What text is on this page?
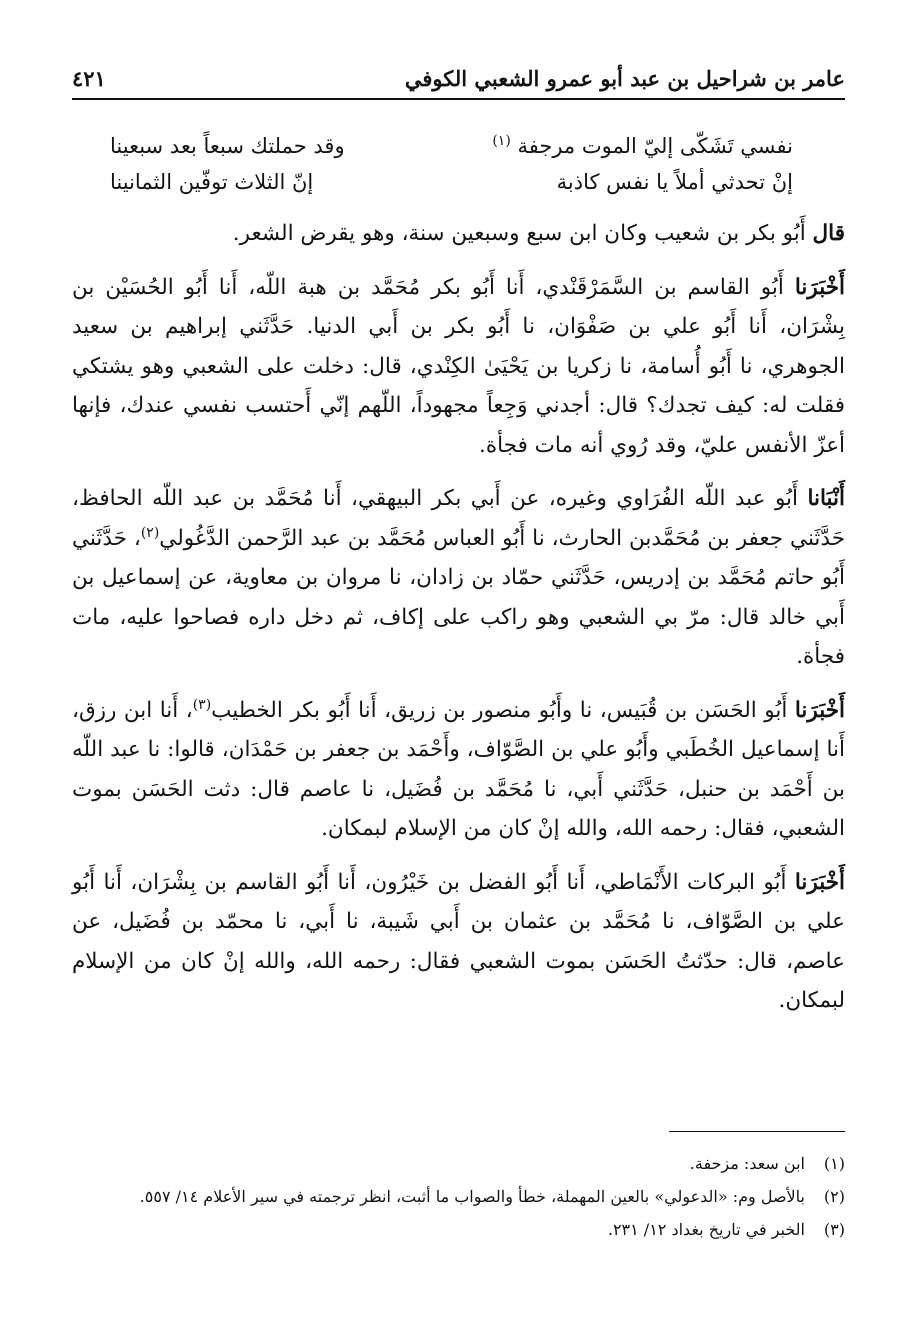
عامر بن شراحيل بن عبد أبو عمرو الشعبي الكوفي
٤٢١
نفسي تَشَكّى إليّ الموت مرجفة $^{(١)}$
وقد حملتك سبعاً بعد سبعينا
إنْ تحدثي أملاً يا نفس كاذبة
إنّ الثلاث توفّين الثمانينا

قال أَبُو بكر بن شعيب وكان ابن سبع وسبعين سنة، وهو يقرض الشعر.

أَخْبَرَنا أَبُو القاسم بن السَّمَرْقَنْدي، أَنا أَبُو بكر مُحَمَّد بن هبة اللّه، أَنا أَبُو الحُسَيْن بن بِشْرَان، أَنا أَبُو علي بن صَفْوَان، نا أَبُو بكر بن أَبي الدنيا. حَدَّثَني إبراهيم بن سعيد الجوهري، نا أَبُو أُسامة، نا زكريا بن يَحْيَىٰ الكِنْدي، قال: دخلت على الشعبي وهو يشتكي فقلت له: كيف تجدك؟ قال: أجدني وَجِعاً مجهوداً، اللّهم إنّي أَحتسب نفسي عندك، فإنها أعزّ الأنفس عليّ، وقد رُوي أنه مات فجأة.

أَنْبَانا أَبُو عبد اللّه الفُرَاوي وغيره، عن أَبي بكر البيهقي، أَنا مُحَمَّد بن عبد اللّه الحافظ، حَدَّثَني جعفر بن مُحَمَّدبن الحارث، نا أَبُو العباس مُحَمَّد بن عبد الرَّحمن الدَّغُولي$^{(٢)}$، حَدَّثَني أَبُو حاتم مُحَمَّد بن إدريس، حَدَّثَني حمّاد بن زادان، نا مروان بن معاوية، عن إسماعيل بن أَبي خالد قال: مرّ بي الشعبي وهو راكب على إكاف، ثم دخل داره فصاحوا عليه، مات فجأة.

أَخْبَرَنا أَبُو الحَسَن بن قُبَيس، نا وأَبُو منصور بن زريق، أَنا أَبُو بكر الخطيب$^{(٣)}$، أَنا ابن رزق، أَنا إسماعيل الخُطَبي وأَبُو علي بن الصَّوّاف، وأَحْمَد بن جعفر بن حَمْدَان، قالوا: نا عبد اللّه بن أَحْمَد بن حنبل، حَدَّثَني أَبي، نا مُحَمَّد بن فُضَيل، نا عاصم قال: دثت الحَسَن بموت الشعبي، فقال: رحمه الله، والله إنْ كان من الإسلام لبمكان.

أَخْبَرَنا أَبُو البركات الأَنْمَاطي، أَنا أَبُو الفضل بن خَيْرُون، أَنا أَبُو القاسم بن بِشْرَان، أَنا أَبُو علي بن الصَّوّاف، نا مُحَمَّد بن عثمان بن أَبي شَيبة، نا أَبي، نا محمّد بن فُضَيل، عن عاصم، قال: حدّثتُ الحَسَن بموت الشعبي فقال: رحمه الله، والله إنْ كان من الإسلام لبمكان.

(١)
ابن سعد: مزحفة.
(٢)
بالأصل وم: «الدعولي» بالعين المهملة، خطأ والصواب ما أثبت، انظر ترجمته في سير الأعلام ١٤/ ٥٥٧.
(٣)
الخبر في تاريخ بغداد ١٢/ ٢٣١.
